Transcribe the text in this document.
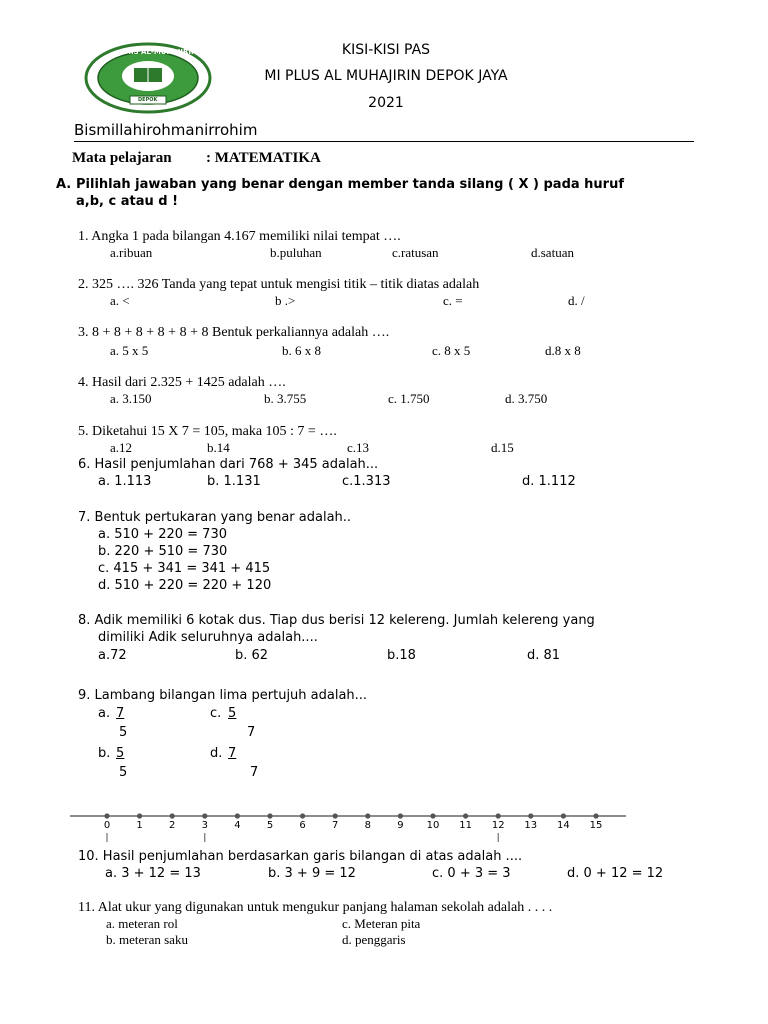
MIS AL-MUHAJIRIN
DEPOK
KISI-KISI PAS
MI PLUS AL MUHAJIRIN DEPOK JAYA
2021
Bismillahirohmanirrohim
Mata pelajaran : MATEMATIKA
A. Pilihlah jawaban yang benar dengan member tanda silang ( X ) pada huruf
a,b, c atau d !
1. Angka 1 pada bilangan 4.167 memiliki nilai tempat ….
a.ribuan	b.puluhan	c.ratusan	d.satuan
2. 325 …. 326 Tanda yang tepat untuk mengisi titik – titik diatas adalah
a. <	b .>	c. =	d. /
3. 8 + 8 + 8 + 8 + 8 + 8 Bentuk perkaliannya adalah ….
a. 5 x 5	b. 6 x 8	c. 8 x 5	d.8 x 8
4. Hasil dari 2.325 + 1425 adalah ….
a. 3.150	b. 3.755	c. 1.750	d. 3.750
5. Diketahui 15 X 7 = 105, maka 105 : 7 = ….
a.12	b.14	c.13	d.15
6. Hasil penjumlahan dari 768 + 345 adalah...
a. 1.113	b. 1.131	c.1.313	d. 1.112
7. Bentuk pertukaran yang benar adalah..
a. 510 + 220 = 730
b. 220 + 510 = 730
c. 415 + 341 = 341 + 415
d. 510 + 220 = 220 + 120
8. Adik memiliki 6 kotak dus. Tiap dus berisi 12 kelereng. Jumlah kelereng yang
dimiliki Adik seluruhnya adalah....
a.72	b. 62	b.18	d. 81
9. Lambang bilangan lima pertujuh adalah...
a. 7
5
c. 5
7
b. 5
5
d. 7
7
0	1	2	3	4	5	6	7	8	9 10 11 12 13 14 15
10. Hasil penjumlahan berdasarkan garis bilangan di atas adalah ....
a. 3 + 12 = 13	b. 3 + 9 = 12	c. 0 + 3 = 3	d. 0 + 12 = 12
11. Alat ukur yang digunakan untuk mengukur panjang halaman sekolah adalah . . . .
a. meteran rol	c. Meteran pita
b. meteran saku	d. penggaris
